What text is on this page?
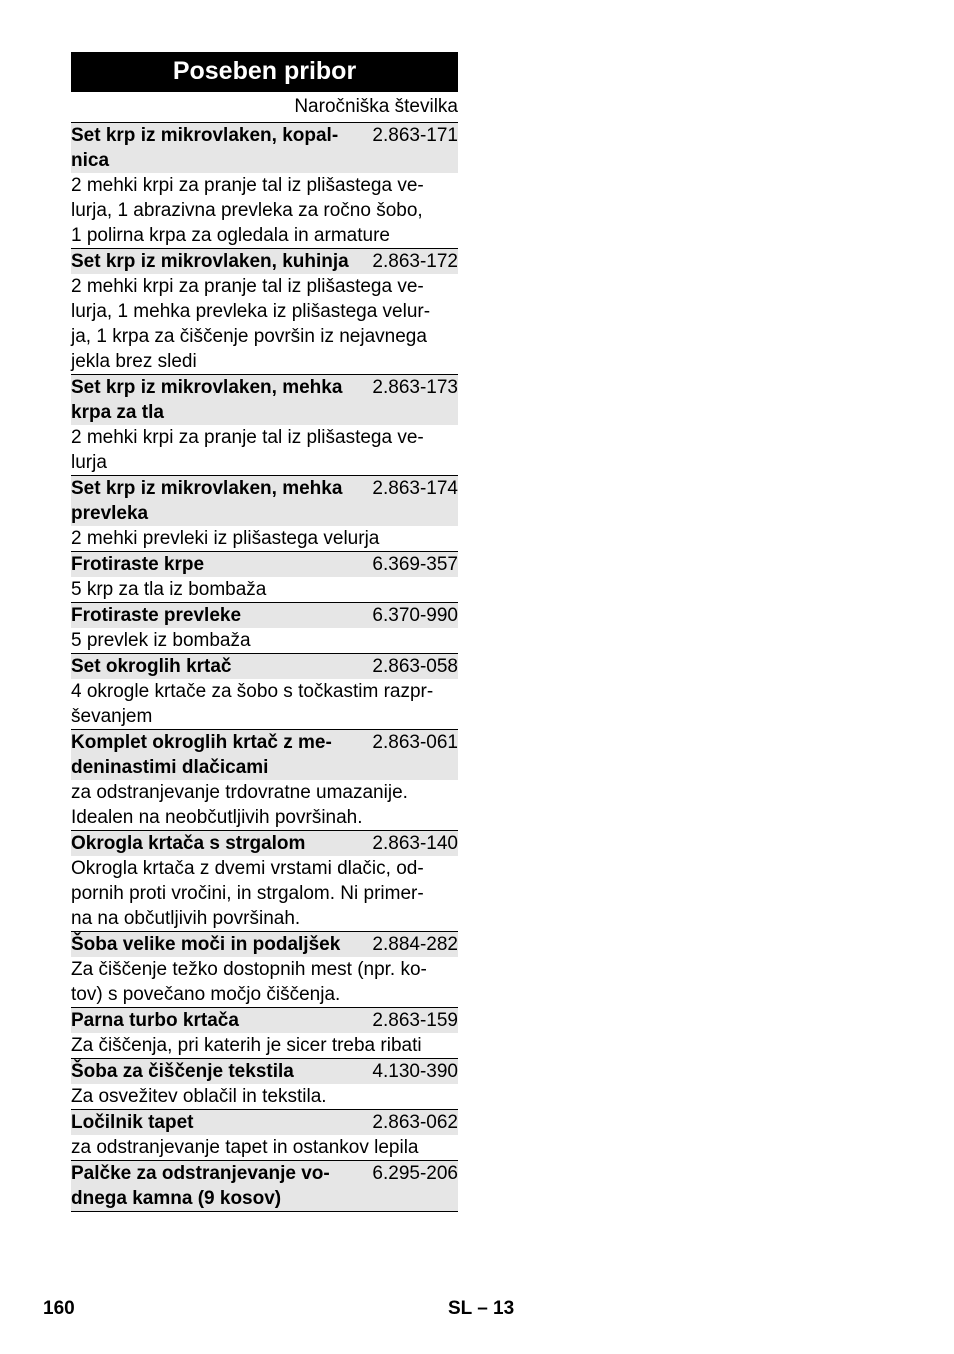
Poseben pribor
Naročniška številka
Set krp iz mikrovlaken, kopal-
nica
2.863-171
2 mehki krpi za pranje tal iz plišastega ve-
lurja, 1 abrazivna prevleka za ročno šobo,
1 polirna krpa za ogledala in armature
Set krp iz mikrovlaken, kuhinja	2.863-172
2 mehki krpi za pranje tal iz plišastega ve-
lurja, 1 mehka prevleka iz plišastega velur-
ja, 1 krpa za čiščenje površin iz nejavnega
jekla brez sledi
Set krp iz mikrovlaken, mehka
krpa za tla
2.863-173
2 mehki krpi za pranje tal iz plišastega ve-
lurja
Set krp iz mikrovlaken, mehka
prevleka
2.863-174
2 mehki prevleki iz plišastega velurja
Frotiraste krpe	6.369-357
5 krp za tla iz bombaža
Frotiraste prevleke	6.370-990
5 prevlek iz bombaža
Set okroglih krtač	2.863-058
4 okrogle krtače za šobo s točkastim razpr-
ševanjem
Komplet okroglih krtač z me-
deninastimi dlačicami
2.863-061
za odstranjevanje trdovratne umazanije.
Idealen na neobčutljivih površinah.
Okrogla krtača s strgalom	2.863-140
Okrogla krtača z dvemi vrstami dlačic, od-
pornih proti vročini, in strgalom. Ni primer-
na na občutljivih površinah.
Šoba velike moči in podaljšek	2.884-282
Za čiščenje težko dostopnih mest (npr. ko-
tov) s povečano močjo čiščenja.
Parna turbo krtača	2.863-159
Za čiščenja, pri katerih je sicer treba ribati
Šoba za čiščenje tekstila	4.130-390
Za osvežitev oblačil in tekstila.
Ločilnik tapet	2.863-062
za odstranjevanje tapet in ostankov lepila
Palčke za odstranjevanje vo-
dnega kamna (9 kosov)
6.295-206
160	SL – 13
